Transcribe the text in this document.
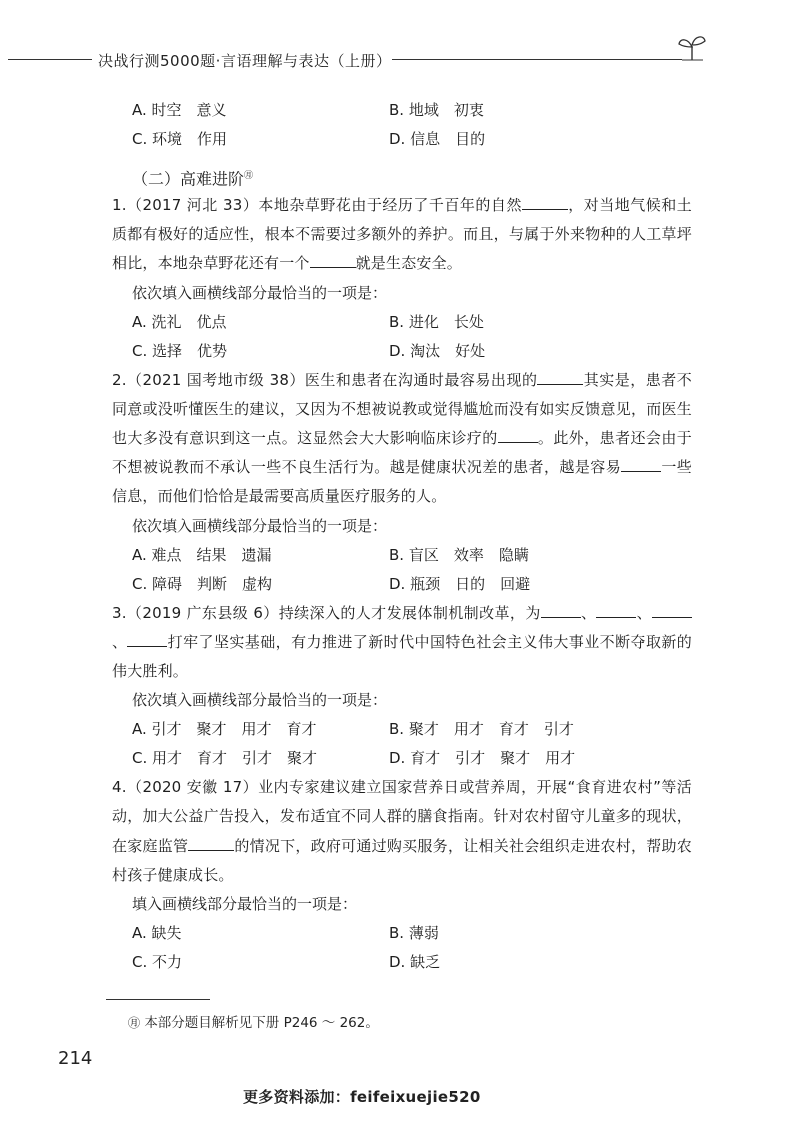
决战行测5000题·言语理解与表达（上册）
A. 时空　意义	B. 地域　初衷
C. 环境　作用	D. 信息　目的
（二）高难进阶㊊
1.（2017 河北 33）本地杂草野花由于经历了千百年的自然	，对当地气候和土质都有极好的适应性，根本不需要过多额外的养护。而且，与属于外来物种的人工草坪相比，本地杂草野花还有一个	就是生态安全。
依次填入画横线部分最恰当的一项是：
A. 洗礼　优点	B. 进化　长处
C. 选择　优势	D. 淘汰　好处
2.（2021 国考地市级 38）医生和患者在沟通时最容易出现的	其实是，患者不同意或没听懂医生的建议，又因为不想被说教或觉得尴尬而没有如实反馈意见，而医生也大多没有意识到这一点。这显然会大大影响临床诊疗的	。此外，患者还会由于不想被说教而不承认一些不良生活行为。越是健康状况差的患者，越是容易	一些信息，而他们恰恰是最需要高质量医疗服务的人。
依次填入画横线部分最恰当的一项是：
A. 难点　结果　遗漏	B. 盲区　效率　隐瞒
C. 障碍　判断　虚构	D. 瓶颈　日的　回避
3.（2019 广东县级 6）持续深入的人才发展体制机制改革，为	、	、、	打牢了坚实基础，有力推进了新时代中国特色社会主义伟大事业不断夺取新的伟大胜利。
依次填入画横线部分最恰当的一项是：
A. 引才　聚才　用才　育才	B. 聚才　用才　育才　引才
C. 用才　育才　引才　聚才	D. 育才　引才　聚才　用才
4.（2020 安徽 17）业内专家建议建立国家营养日或营养周，开展“食育进农村”等活动，加大公益广告投入，发布适宜不同人群的膳食指南。针对农村留守儿童多的现状，在家庭监管	的情况下，政府可通过购买服务，让相关社会组织走进农村，帮助农村孩子健康成长。
填入画横线部分最恰当的一项是：
A. 缺失	B. 薄弱
C. 不力	D. 缺乏
㊊ 本部分题目解析见下册 P246 ～ 262。
214
更多资料添加：feifeixuejie520
